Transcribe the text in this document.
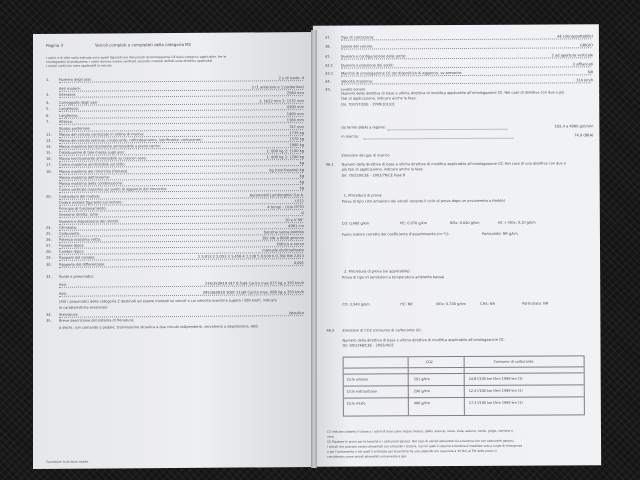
Pagina 3	Veicoli completi o completati della categoria M1
I valori e le cifre sotto indicate sono quelli figuranti nei documenti di omologazione CE della categoria applicabile. Per le
omologazioni di produzione, i valori devono essere verificati secondo i metodi definiti nelle direttive applicabili.
I campi vuoti non sono applicabili al veicolo.
1.	Numero degli assi:	2 e di ruote: 4
Assi motore:	2 (1 anteriore e 1 posteriore)
3.	Interasse:	2560 mm
4.	Carreggiata degli assi:	1: 1622 mm 2: 1532 mm
5.	Lunghezza:	4300 mm
6.	Larghezza:	1900 mm
7.	Altezza:	1184 mm
Sbalzo posteriore:	747 mm
11. Massa del veicolo carrozzato in ordine di marcia:	1735 kg
12. Massa del veicolo (escluso conducente, raffreddamento, lubrificante, carburante):	1570 kg
14. Massa massima tecnicamente ammissibile a pieno carico:	1900 kg
15. Distribuzione di tale massa sugli assi:	1: 800 kg 2: 1100 kg
16. Massa tecnicamente ammissibile su ciascun asse:	1: 800 kg 2: 1200 kg
17. Carico massimo ammissibile sul tetto:	kg
18. Massa massima del rimorchio (frenato):	kg (non frenato) kg
Massa massima dell'insieme:	kg
Massa massima della combinazione:	kg
Carico verticale massimo sul punto di aggancio del rimorchio:	kg
20. Costruttore del motore:	Automobili Lamborghini S.p.A.
Codice motore figurante sul motore:	L511
Principio di funzionamento:	4 tempi - ciclo OTTO
Iniezione diretta: sì/no	sì
Numero e disposizione dei cilindri:	10 a V 90°
24. Cilindrata:	4961 cm
25. Carburante:	benzina senza piombo
26. Potenza massima netta:	382 kW a 8000 giri/min
27. Frizione (tipo):	bidisco a secco
28. Cambio (tipo):	manuale elettroattuato
29. Rapporti del cambio:	1 3,913 2 2,053 3 1,458 4 1,138 5 0,939 6 0,784 RM 2,813
30. Rapporto del differenziale:	4,091
32. Ruote e pneumatici:
Assi:	235/35ZR19 91Y 8,5xJ9 Carico max 615 kg a 350 km/h
Assi:	295/30ZR19 100Y 11xJ9 Carico max. 680 kg a 350 km/h
(40) I pneumatici della categoria Z destinati ad essere montati su veicoli a cui velocità massima supera i 300 km/h, indicare
le caratteristiche essenziali:
34. Sterzatura:	idraulico
35. Breve descrizione del sistema di frenatura:
a dischi, con comando a pedale, trasmissione idraulica a due circuiti indipendenti, servofreno a depressione, ABS
Cancellare la dicitura inutile.
37.	Tipo di carrozzeria:	AE (decappottabile)
38.	Colore del veicolo:	GRIGIO
41.	Numero e configurazione delle porte:	2 ad apertura verticale
42.1 Numero e posizione dei sedili:	2 affiancati
43.1 Marchio di omologazione CE del dispositivo di aggancio, se presente:	NR
44.	Velocità massima:	314 km/h
45.	Livello sonoro
Numero della direttiva di base e ultima direttiva di modifica applicabile all'omologazione CE. Nel caso di direttive con due o più
fasi di applicazione, indicare anche la fase:
Dir. 70/157/CEE - 1999/101/CE
da fermo dB(A) a regime:	102,4 a 4000 giri/min
in marcia:	74,9 dB(A)
46.1
Emissioni dei gas di scarico
Numero della direttiva di base e ultima direttiva di modifica applicabile all'omologazione CE. Nel caso di una direttiva con due o
più fasi di applicazione, indicare anche la fase:
Dir. 70/220/CEE - 2003/76/CE Fase B
1. Procedura di prova:
Prova di tipo I (Di emissioni dei veicoli durante il ciclo di prova dopo un avviamento a freddo)
CO: 0,480 g/km	HC: 0,070 g/km	NOx: 0,040 g/km	HC + NOx: 0,10 g/km
Fumo (valore corretto del coefficiente d'assorbimento (m⁻¹)):	Particolato: NR g/km
2. Procedura di prova (se applicabile):
Prova di tipo VI (emissioni a temperatura ambiente bassa)
CO: 3,540 g/km	HC: NR	NOx: 0,330 g/km	CH4: NR	Particolato: NR
46.2 Emissioni di CO2 /consumo di carburante (il):
Numero della direttiva di base e ultima direttiva di modifica applicabile all'omologazione CE.
Dir. 80/1268/CEE - 2003/4/CE
CO2	Consumo di carburante
Ciclo urbano	591 g/km	24,8 l/100 km l/km 1999 km (1)
Ciclo extraurbano	296 g/km	12,4 l/100 km l/km 1999 km (1)
Ciclo misto	400 g/km	17,3 l/100 km l/km 1999 km (1)
(1) Indicare soltanto il colore o i colori di base come segue: bianco, giallo, arancio, rosso, viola, azzurro, verde, grigio, marrone o
nero.
(2) Ripetere le prove per la benzina e i carburanti gassosi. Nel caso di veicoli alimentati sia a benzina che con carburanti gassosi,
i veicoli che possono essere alimentati con entrambi i sistemi, ma nei quali il sistema a benzina è installato solo a scopo di emergenza
e per l'avviamento e nei quali il serbatoio per la benzina ha una capacità non superiore a 15 litri, ai fini delle prove si
considerano come veicoli alimentati unicamente a gas.
